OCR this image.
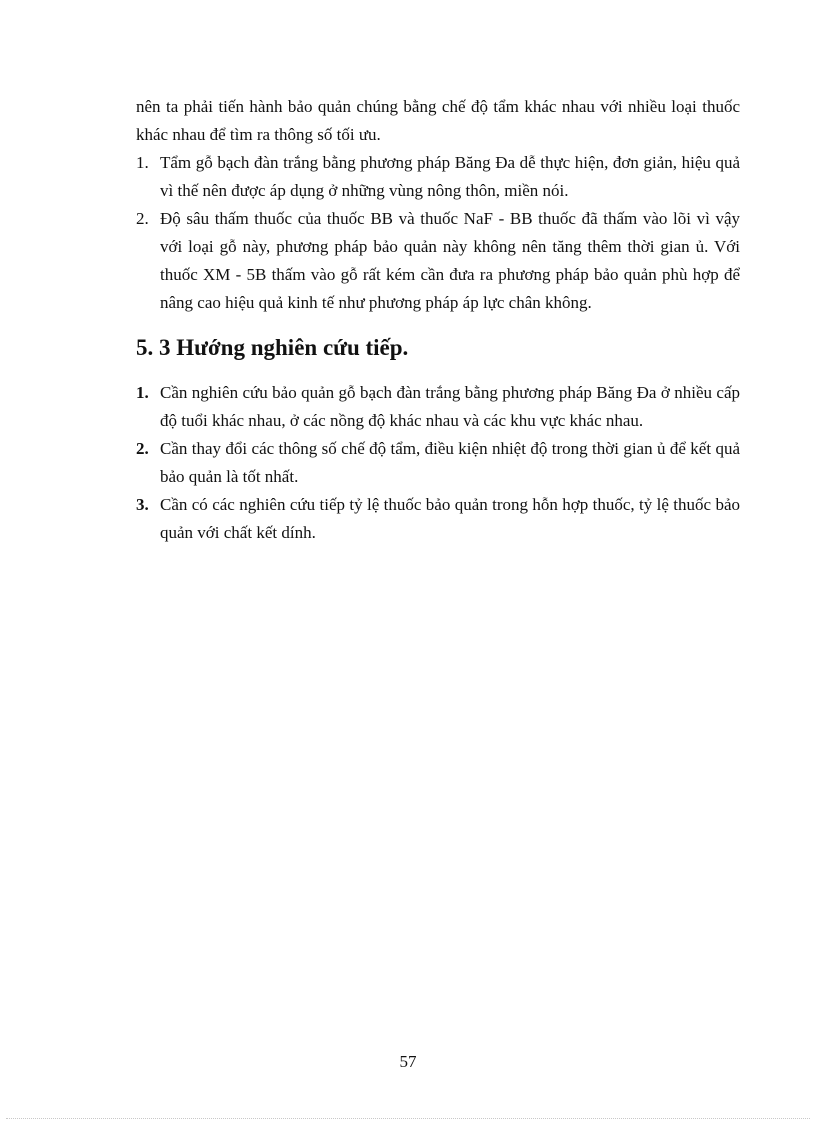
nên ta phải tiến hành bảo quản chúng bằng chế độ tẩm khác nhau với nhiều loại thuốc khác nhau để tìm ra thông số tối ưu.

1. Tẩm gỗ bạch đàn trắng bằng phương pháp Băng Đa dễ thực hiện, đơn giản, hiệu quả vì thế nên được áp dụng ở những vùng nông thôn, miền nói.
2. Độ sâu thấm thuốc của thuốc BB và thuốc NaF - BB thuốc đã thấm vào lõi vì vậy với loại gỗ này, phương pháp bảo quản này không nên tăng thêm thời gian ủ. Với thuốc XM - 5B thấm vào gỗ rất kém cần đưa ra phương pháp bảo quản phù hợp để nâng cao hiệu quả kinh tế như phương pháp áp lực chân không.
5. 3 Hướng nghiên cứu tiếp.
1. Cần nghiên cứu bảo quản gỗ bạch đàn trắng bằng phương pháp Băng Đa ở nhiều cấp độ tuổi khác nhau, ở các nồng độ khác nhau và các khu vực khác nhau.
2. Cần thay đổi các thông số chế độ tẩm, điều kiện nhiệt độ trong thời gian ủ để kết quả bảo quản là tốt nhất.
3. Cần có các nghiên cứu tiếp tỷ lệ thuốc bảo quản trong hỗn hợp thuốc, tỷ lệ thuốc bảo quản với chất kết dính.
57
